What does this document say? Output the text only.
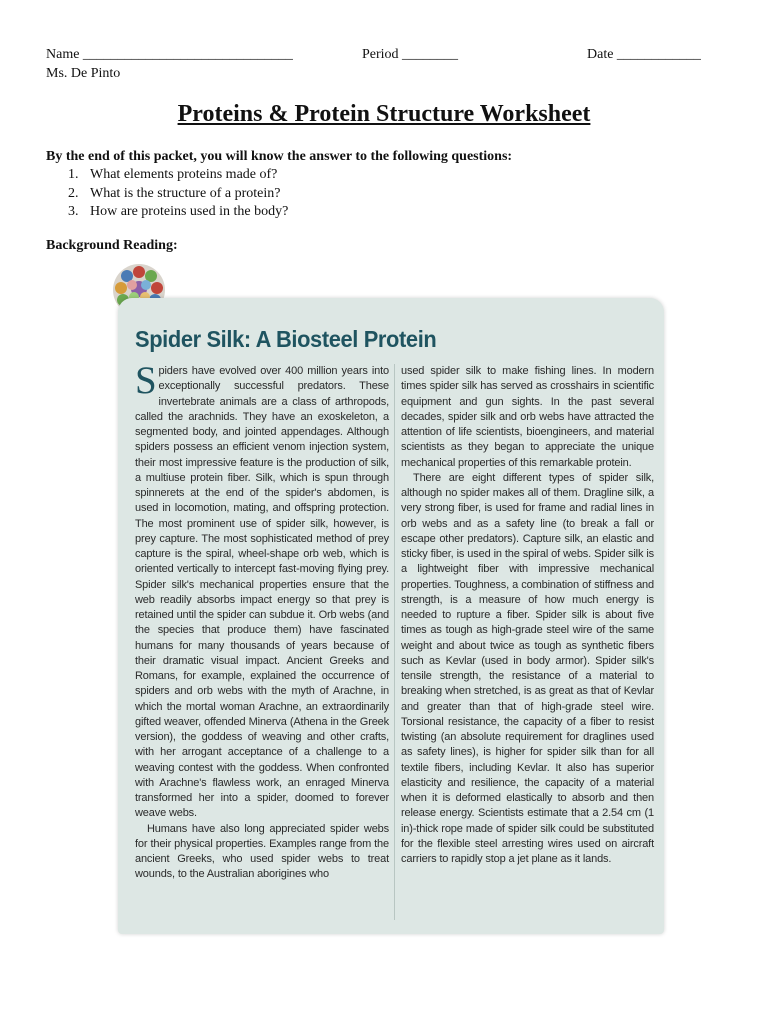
Name ______________________________	Period ________	Date ____________
Ms. De Pinto
Proteins & Protein Structure Worksheet
By the end of this packet, you will know the answer to the following questions:
1. What elements proteins made of?
2. What is the structure of a protein?
3. How are proteins used in the body?
Background Reading:
Spider Silk: A Biosteel Protein

Spiders have evolved over 400 million years into exceptionally successful predators. These invertebrate animals are a class of arthropods, called the arachnids. They have an exoskeleton, a segmented body, and jointed appendages. Although spiders possess an efficient venom injection system, their most impressive feature is the production of silk, a multiuse protein fiber. Silk, which is spun through spinnerets at the end of the spider's abdomen, is used in locomotion, mating, and offspring protection. The most prominent use of spider silk, however, is prey capture. The most sophisticated method of prey capture is the spiral, wheel-shape orb web, which is oriented vertically to intercept fast-moving flying prey. Spider silk's mechanical properties ensure that the web readily absorbs impact energy so that prey is retained until the spider can subdue it. Orb webs (and the species that produce them) have fascinated humans for many thousands of years because of their dramatic visual impact. Ancient Greeks and Romans, for example, explained the occurrence of spiders and orb webs with the myth of Arachne, in which the mortal woman Arachne, an extraordinarily gifted weaver, offended Minerva (Athena in the Greek version), the goddess of weaving and other crafts, with her arrogant acceptance of a challenge to a weaving contest with the goddess. When confronted with Arachne's flawless work, an enraged Minerva transformed her into a spider, doomed to forever weave webs.

Humans have also long appreciated spider webs for their physical properties. Examples range from the ancient Greeks, who used spider webs to treat wounds, to the Australian aborigines who

used spider silk to make fishing lines. In modern times spider silk has served as crosshairs in scientific equipment and gun sights. In the past several decades, spider silk and orb webs have attracted the attention of life scientists, bioengineers, and material scientists as they began to appreciate the unique mechanical properties of this remarkable protein.

There are eight different types of spider silk, although no spider makes all of them. Dragline silk, a very strong fiber, is used for frame and radial lines in orb webs and as a safety line (to break a fall or escape other predators). Capture silk, an elastic and sticky fiber, is used in the spiral of webs. Spider silk is a lightweight fiber with impressive mechanical properties. Toughness, a combination of stiffness and strength, is a measure of how much energy is needed to rupture a fiber. Spider silk is about five times as tough as high-grade steel wire of the same weight and about twice as tough as synthetic fibers such as Kevlar (used in body armor). Spider silk's tensile strength, the resistance of a material to breaking when stretched, is as great as that of Kevlar and greater than that of high-grade steel wire. Torsional resistance, the capacity of a fiber to resist twisting (an absolute requirement for draglines used as safety lines), is higher for spider silk than for all textile fibers, including Kevlar. It also has superior elasticity and resilience, the capacity of a material when it is deformed elastically to absorb and then release energy. Scientists estimate that a 2.54 cm (1 in)-thick rope made of spider silk could be substituted for the flexible steel arresting wires used on aircraft carriers to rapidly stop a jet plane as it lands.
